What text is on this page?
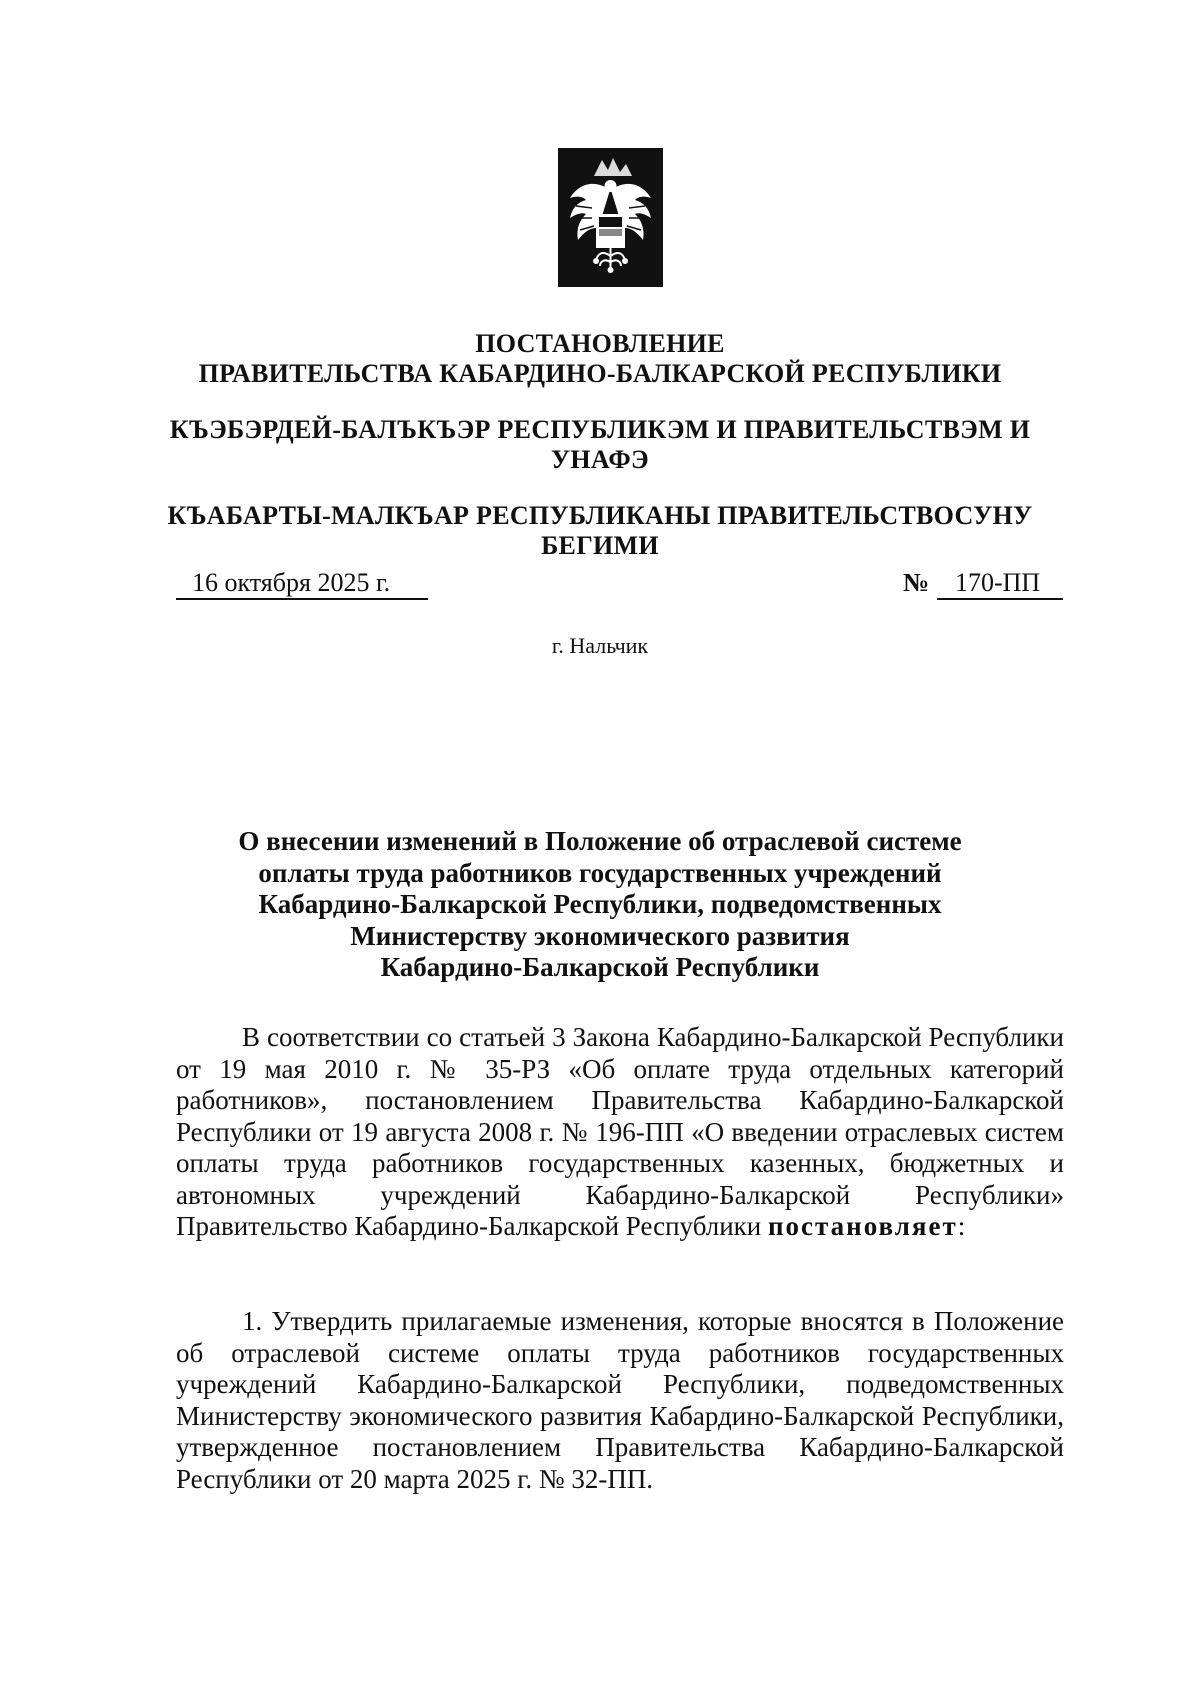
ПОСТАНОВЛЕНИЕ
ПРАВИТЕЛЬСТВА КАБАРДИНО-БАЛКАРСКОЙ РЕСПУБЛИКИ
КЪЭБЭРДЕЙ-БАЛЪКЪЭР РЕСПУБЛИКЭМ И ПРАВИТЕЛЬСТВЭМ И
УНАФЭ
КЪАБАРТЫ-МАЛКЪАР РЕСПУБЛИКАНЫ ПРАВИТЕЛЬСТВОСУНУ
БЕГИМИ
16 октября 2025 г.	№ 170-ПП
г. Нальчик
О внесении изменений в Положение об отраслевой системе
оплаты труда работников государственных учреждений
Кабардино-Балкарской Республики, подведомственных
Министерству экономического развития
Кабардино-Балкарской Республики
В соответствии со статьей 3 Закона Кабардино-Балкарской Республики от 19 мая 2010 г. № 35-РЗ «Об оплате труда отдельных категорий работников», постановлением Правительства Кабардино-Балкарской Республики от 19 августа 2008 г. № 196-ПП «О введении отраслевых систем оплаты труда работников государственных казенных, бюджетных и автономных учреждений Кабардино-Балкарской Республики» Правительство Кабардино-Балкарской Республики постановляет:
1. Утвердить прилагаемые изменения, которые вносятся в Положение об отраслевой системе оплаты труда работников государственных учреждений Кабардино-Балкарской Республики, подведомственных Министерству экономического развития Кабардино-Балкарской Республики, утвержденное постановлением Правительства Кабардино-Балкарской Республики от 20 марта 2025 г. № 32-ПП.
